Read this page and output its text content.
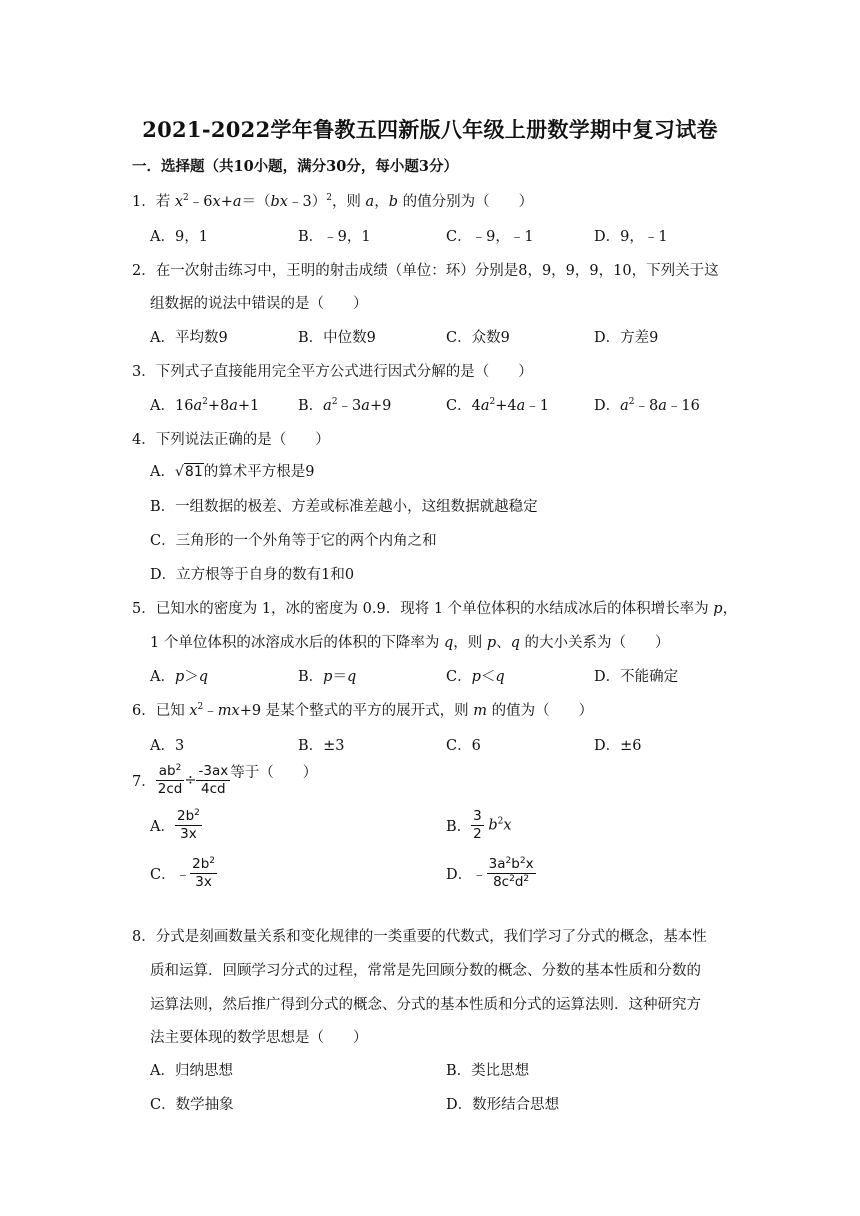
2021-2022学年鲁教五四新版八年级上册数学期中复习试卷
一．选择题（共10小题，满分30分，每小题3分）
1．若 $x^2﹣6x+a=(bx﹣3)^2$，则 a，b 的值分别为（　　）
A．9，1	B．﹣9，1	C．﹣9，﹣1	D．9，﹣1
2．在一次射击练习中，王明的射击成绩（单位：环）分别是8，9，9，9，10，下列关于这
组数据的说法中错误的是（　　）
A．平均数9	B．中位数9	C．众数9	D．方差9
3．下列式子直接能用完全平方公式进行因式分解的是（　　）
A．$16a^2+8a+1$	B．$a^2﹣3a+9$	C．$4a^2+4a﹣1$	D．$a^2﹣8a﹣16$
4．下列说法正确的是（　　）
A．√81的算术平方根是9
B．一组数据的极差、方差或标准差越小，这组数据就越稳定
C．三角形的一个外角等于它的两个内角之和
D．立方根等于自身的数有1和0
5．已知水的密度为 1，冰的密度为 0.9．现将 1 个单位体积的水结成冰后的体积增长率为 p，
1 个单位体积的冰溶成水后的体积的下降率为 q，则 p、q 的大小关系为（　　）
A．p＞q	B．p＝q	C．p＜q	D．不能确定
6．已知 $x^2﹣mx+9$ 是某个整式的平方的展开式，则 m 的值为（　　）
A．3	B．±3	C．6	D．±6
7． $\frac{ab^2}{2cd} \div \frac{-3ax}{4cd}$ 等于（　　）
A． $\frac{2b^2}{3x}$	B． $\frac{3}{2} b^2x$
C．﹣ $\frac{2b^2}{3x}$	D．﹣ $\frac{3a^2b^2x}{8c^2d^2}$
8．分式是刻画数量关系和变化规律的一类重要的代数式，我们学习了分式的概念，基本性
质和运算．回顾学习分式的过程，常常是先回顾分数的概念、分数的基本性质和分数的
运算法则，然后推广得到分式的概念、分式的基本性质和分式的运算法则．这种研究方
法主要体现的数学思想是（　　）
A．归纳思想	B．类比思想
C．数学抽象	D．数形结合思想
